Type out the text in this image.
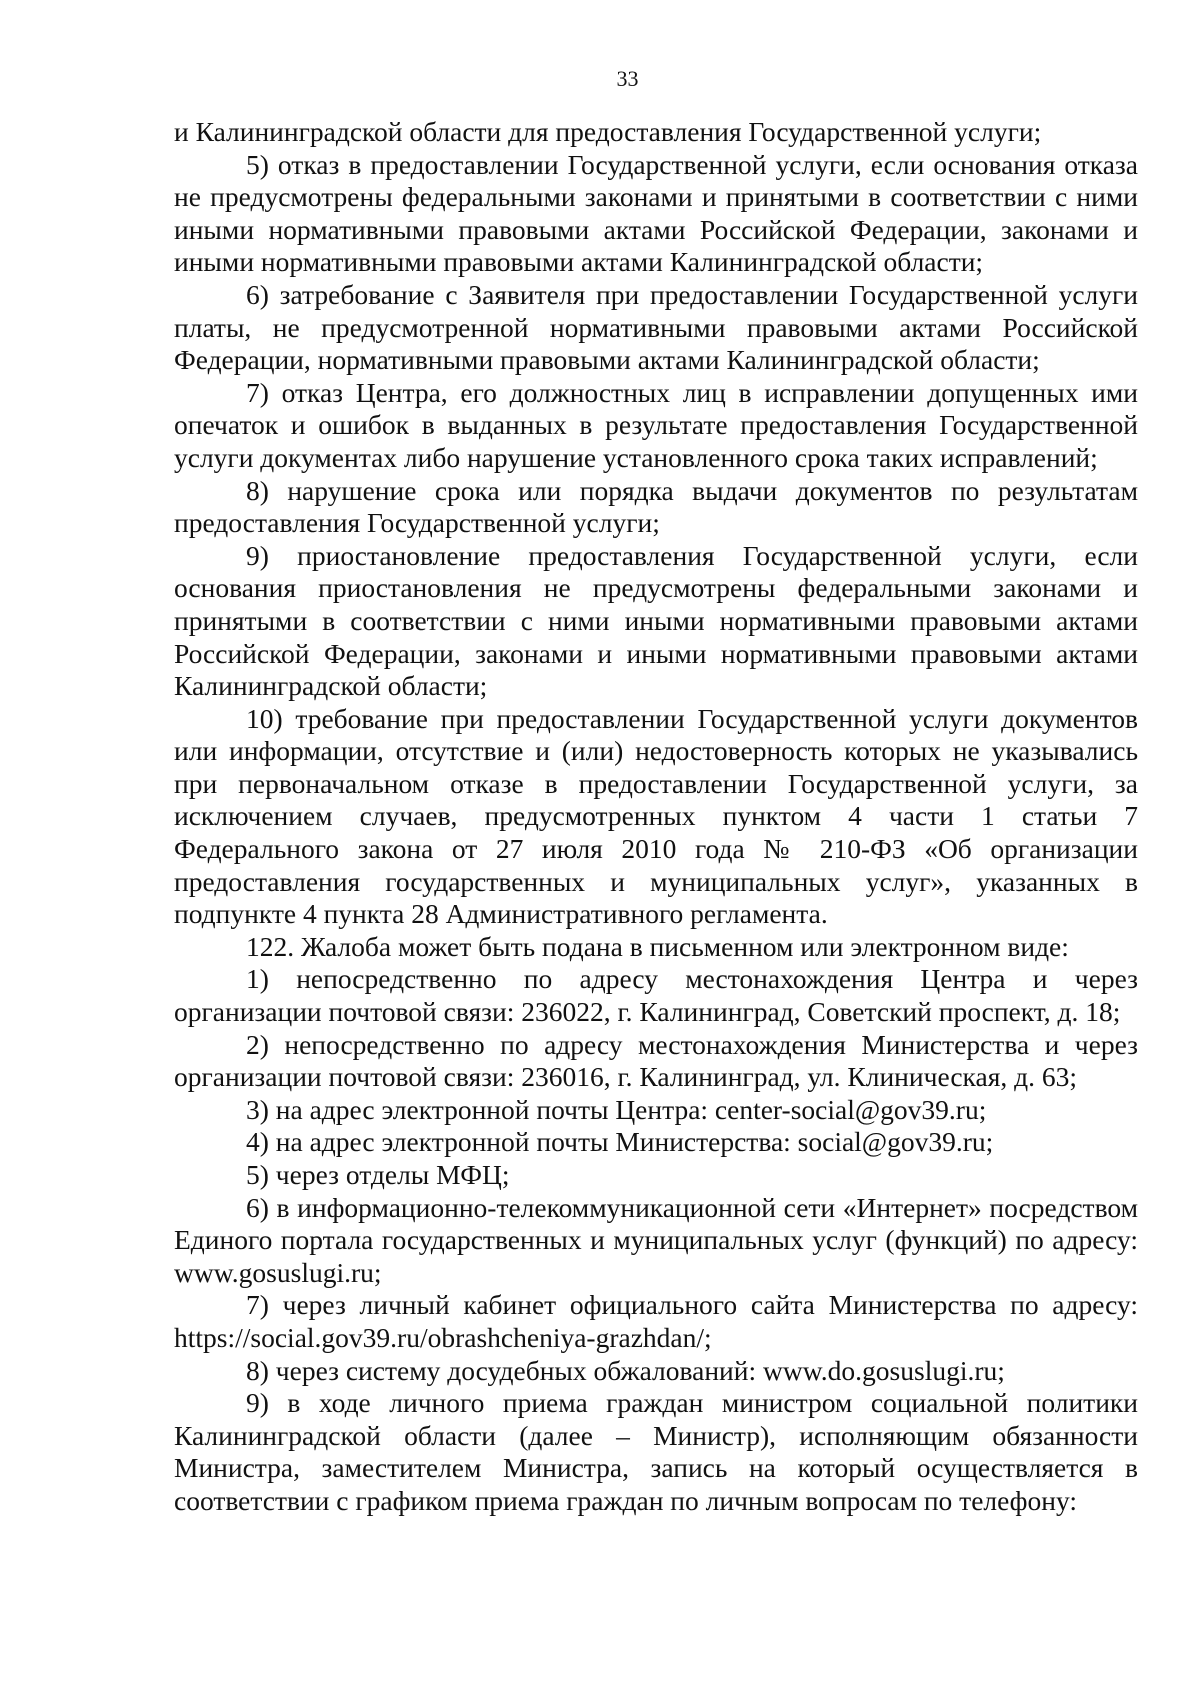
33

и Калининградской области для предоставления Государственной услуги;

5) отказ в предоставлении Государственной услуги, если основания отказа не предусмотрены федеральными законами и принятыми в соответствии с ними иными нормативными правовыми актами Российской Федерации, законами и иными нормативными правовыми актами Калининградской области;

6) затребование с Заявителя при предоставлении Государственной услуги платы, не предусмотренной нормативными правовыми актами Российской Федерации, нормативными правовыми актами Калининградской области;

7) отказ Центра, его должностных лиц в исправлении допущенных ими опечаток и ошибок в выданных в результате предоставления Государственной услуги документах либо нарушение установленного срока таких исправлений;

8) нарушение срока или порядка выдачи документов по результатам предоставления Государственной услуги;

9) приостановление предоставления Государственной услуги, если основания приостановления не предусмотрены федеральными законами и принятыми в соответствии с ними иными нормативными правовыми актами Российской Федерации, законами и иными нормативными правовыми актами Калининградской области;

10) требование при предоставлении Государственной услуги документов или информации, отсутствие и (или) недостоверность которых не указывались при первоначальном отказе в предоставлении Государственной услуги, за исключением случаев, предусмотренных пунктом 4 части 1 статьи 7 Федерального закона от 27 июля 2010 года № 210-ФЗ «Об организации предоставления государственных и муниципальных услуг», указанных в подпункте 4 пункта 28 Административного регламента.

122. Жалоба может быть подана в письменном или электронном виде:

1) непосредственно по адресу местонахождения Центра и через организации почтовой связи: 236022, г. Калининград, Советский проспект, д. 18;

2) непосредственно по адресу местонахождения Министерства и через организации почтовой связи: 236016, г. Калининград, ул. Клиническая, д. 63;

3) на адрес электронной почты Центра: center-social@gov39.ru;

4) на адрес электронной почты Министерства: social@gov39.ru;

5) через отделы МФЦ;

6) в информационно-телекоммуникационной сети «Интернет» посредством Единого портала государственных и муниципальных услуг (функций) по адресу: www.gosuslugi.ru;

7) через личный кабинет официального сайта Министерства по адресу: https://social.gov39.ru/obrashcheniya-grazhdan/;

8) через систему досудебных обжалований: www.do.gosuslugi.ru;

9) в ходе личного приема граждан министром социальной политики Калининградской области (далее – Министр), исполняющим обязанности Министра, заместителем Министра, запись на который осуществляется в соответствии с графиком приема граждан по личным вопросам по телефону:
